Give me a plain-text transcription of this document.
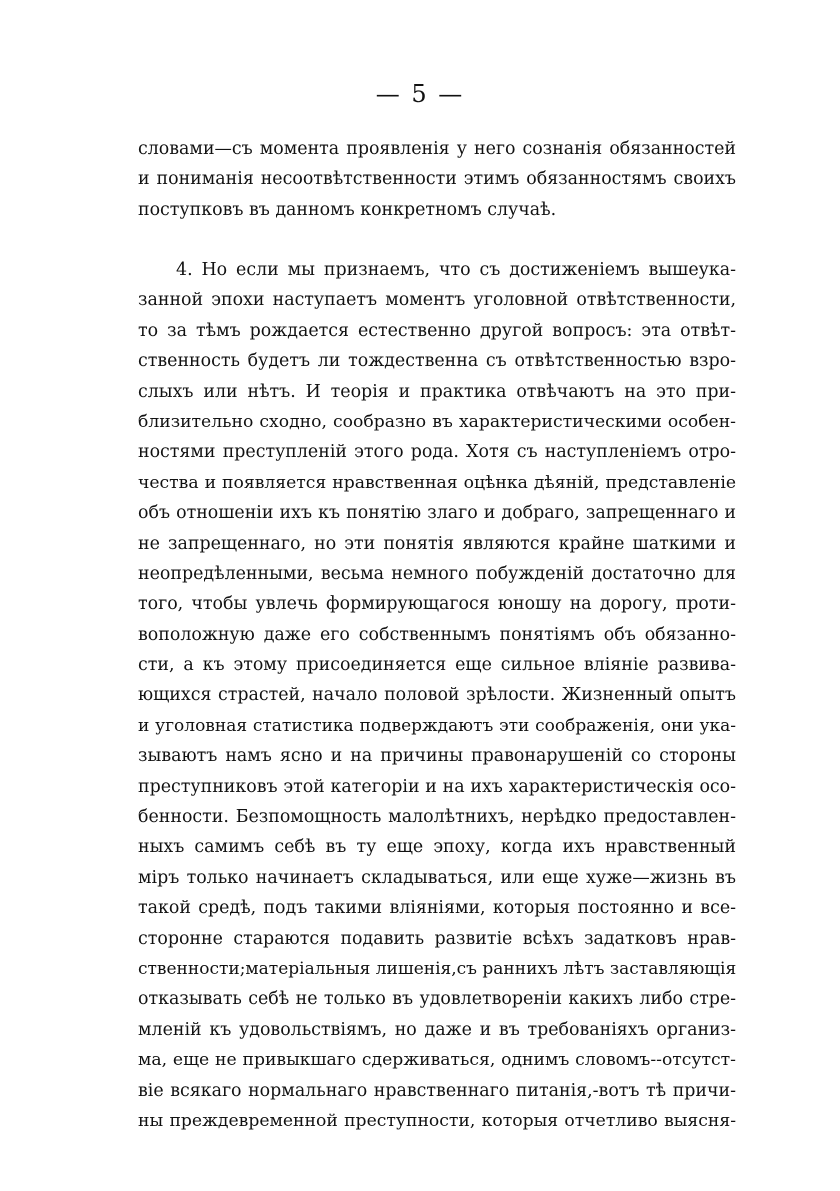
— 5 —
словами—съ момента проявленія у него сознанія обязанностей
и пониманія несоотвѣтственности этимъ обязанностямъ своихъ
поступковъ въ данномъ конкретномъ случаѣ.
4. Но если мы признаемъ, что съ достиженіемъ вышеука-
занной эпохи наступаетъ моментъ уголовной отвѣтственности,
то за тѣмъ рождается естественно другой вопросъ: эта отвѣт-
ственность будетъ ли тождественна съ отвѣтственностью взро-
слыхъ или нѣтъ. И теорія и практика отвѣчаютъ на это при-
близительно сходно, сообразно въ характеристическими особен-
ностями преступленій этого рода. Хотя съ наступленіемъ отро-
чества и появляется нравственная оцѣнка дѣяній, представленіе
объ отношеніи ихъ къ понятію злаго и добраго, запрещеннаго и
не запрещеннаго, но эти понятія являются крайне шаткими и
неопредѣленными, весьма немного побужденій достаточно для
того, чтобы увлечь формирующагося юношу на дорогу, проти-
воположную даже его собственнымъ понятіямъ объ обязанно-
сти, а къ этому присоединяется еще сильное вліяніе развива-
ющихся страстей, начало половой зрѣлости. Жизненный опытъ
и уголовная статистика подверждаютъ эти соображенія, они ука-
зываютъ намъ ясно и на причины правонарушеній со стороны
преступниковъ этой категоріи и на ихъ характеристическія осо-
бенности. Безпомощность малолѣтнихъ, нерѣдко предоставлен-
ныхъ самимъ себѣ въ ту еще эпоху, когда ихъ нравственный
міръ только начинаетъ складываться, или еще хуже—жизнь въ
такой средѣ, подъ такими вліяніями, которыя постоянно и все-
сторонне стараются подавить развитіе всѣхъ задатковъ нрав-
ственности;матеріальныя лишенія,съ раннихъ лѣтъ заставляющія
отказывать себѣ не только въ удовлетвореніи какихъ либо стре-
мленій къ удовольствіямъ, но даже и въ требованіяхъ организ-
ма, еще не привыкшаго сдерживаться, однимъ словомъ--отсутст-
віе всякаго нормальнаго нравственнаго питанія,-вотъ тѣ причи-
ны преждевременной преступности, которыя отчетливо выясня-
